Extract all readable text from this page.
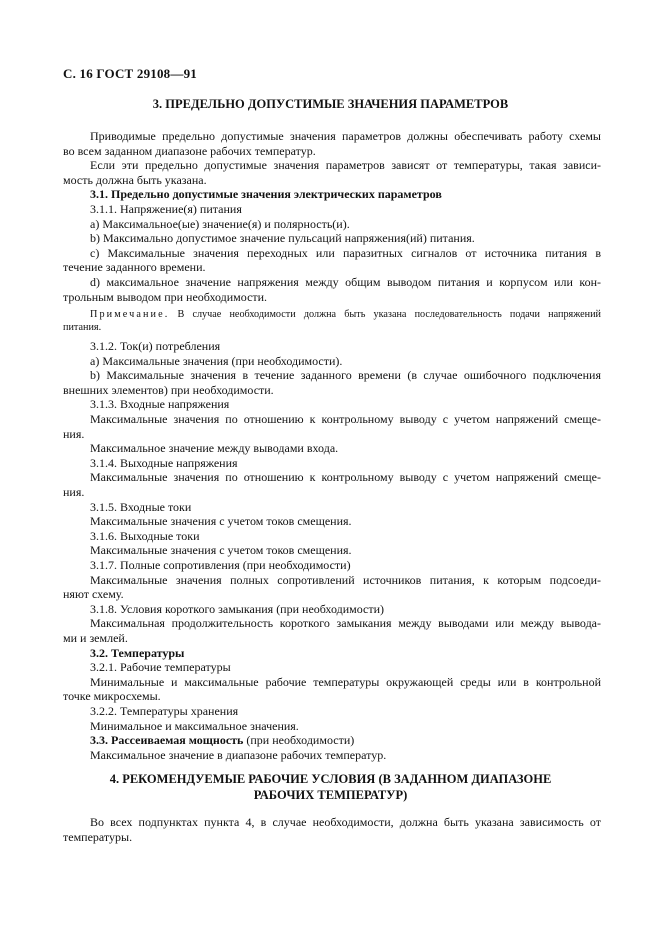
С. 16 ГОСТ 29108—91
3. ПРЕДЕЛЬНО ДОПУСТИМЫЕ ЗНАЧЕНИЯ ПАРАМЕТРОВ
Приводимые предельно допустимые значения параметров должны обеспечивать работу схемы
во всем заданном диапазоне рабочих температур.
Если эти предельно допустимые значения параметров зависят от температуры, такая зависи-
мость должна быть указана.
3.1. Предельно допустимые значения электрических параметров
3.1.1. Напряжение(я) питания
a) Максимальное(ые) значение(я) и полярность(и).
b) Максимально допустимое значение пульсаций напряжения(ий) питания.
c) Максимальные значения переходных или паразитных сигналов от источника питания в
течение заданного времени.
d) максимальное значение напряжения между общим выводом питания и корпусом или кон-
трольным выводом при необходимости.
Примечание. В случае необходимости должна быть указана последовательность подачи напряжений
питания.
3.1.2. Ток(и) потребления
a) Максимальные значения (при необходимости).
b) Максимальные значения в течение заданного времени (в случае ошибочного подключения
внешних элементов) при необходимости.
3.1.3. Входные напряжения
Максимальные значения по отношению к контрольному выводу с учетом напряжений смеще-
ния.
Максимальное значение между выводами входа.
3.1.4. Выходные напряжения
Максимальные значения по отношению к контрольному выводу с учетом напряжений смеще-
ния.
3.1.5. Входные токи
Максимальные значения с учетом токов смещения.
3.1.6. Выходные токи
Максимальные значения с учетом токов смещения.
3.1.7. Полные сопротивления (при необходимости)
Максимальные значения полных сопротивлений источников питания, к которым подсоеди-
няют схему.
3.1.8. Условия короткого замыкания (при необходимости)
Максимальная продолжительность короткого замыкания между выводами или между вывода-
ми и землей.
3.2. Температуры
3.2.1. Рабочие температуры
Минимальные и максимальные рабочие температуры окружающей среды или в контрольной
точке микросхемы.
3.2.2. Температуры хранения
Минимальное и максимальное значения.
3.3. Рассеиваемая мощность (при необходимости)
Максимальное значение в диапазоне рабочих температур.
4. РЕКОМЕНДУЕМЫЕ РАБОЧИЕ УСЛОВИЯ (В ЗАДАННОМ ДИАПАЗОНЕ
РАБОЧИХ ТЕМПЕРАТУР)
Во всех подпунктах пункта 4, в случае необходимости, должна быть указана зависимость от
температуры.
